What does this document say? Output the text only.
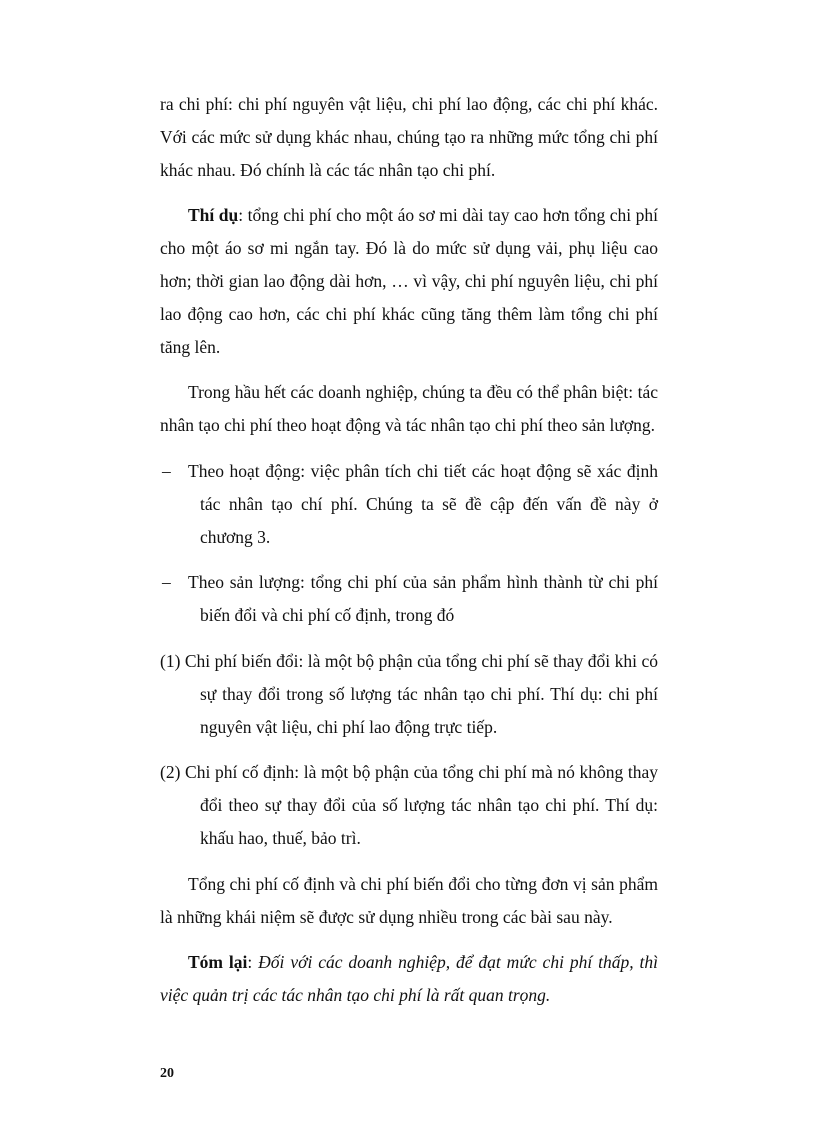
ra chi phí: chi phí nguyên vật liệu, chi phí lao động, các chi phí khác. Với các mức sử dụng khác nhau, chúng tạo ra những mức tổng chi phí khác nhau. Đó chính là các tác nhân tạo chi phí.

Thí dụ: tổng chi phí cho một áo sơ mi dài tay cao hơn tổng chi phí cho một áo sơ mi ngắn tay. Đó là do mức sử dụng vải, phụ liệu cao hơn; thời gian lao động dài hơn, … vì vậy, chi phí nguyên liệu, chi phí lao động cao hơn, các chi phí khác cũng tăng thêm làm tổng chi phí tăng lên.

Trong hầu hết các doanh nghiệp, chúng ta đều có thể phân biệt: tác nhân tạo chi phí theo hoạt động và tác nhân tạo chi phí theo sản lượng.

– Theo hoạt động: việc phân tích chi tiết các hoạt động sẽ xác định tác nhân tạo chí phí. Chúng ta sẽ đề cập đến vấn đề này ở chương 3.

– Theo sản lượng: tổng chi phí của sản phẩm hình thành từ chi phí biến đổi và chi phí cố định, trong đó

(1) Chi phí biến đổi: là một bộ phận của tổng chi phí sẽ thay đổi khi có sự thay đổi trong số lượng tác nhân tạo chi phí. Thí dụ: chi phí nguyên vật liệu, chi phí lao động trực tiếp.

(2) Chi phí cố định: là một bộ phận của tổng chi phí mà nó không thay đổi theo sự thay đổi của số lượng tác nhân tạo chi phí. Thí dụ: khấu hao, thuế, bảo trì.

Tổng chi phí cố định và chi phí biến đổi cho từng đơn vị sản phẩm là những khái niệm sẽ được sử dụng nhiều trong các bài sau này.

Tóm lại: Đối với các doanh nghiệp, để đạt mức chi phí thấp, thì việc quản trị các tác nhân tạo chi phí là rất quan trọng.

20
